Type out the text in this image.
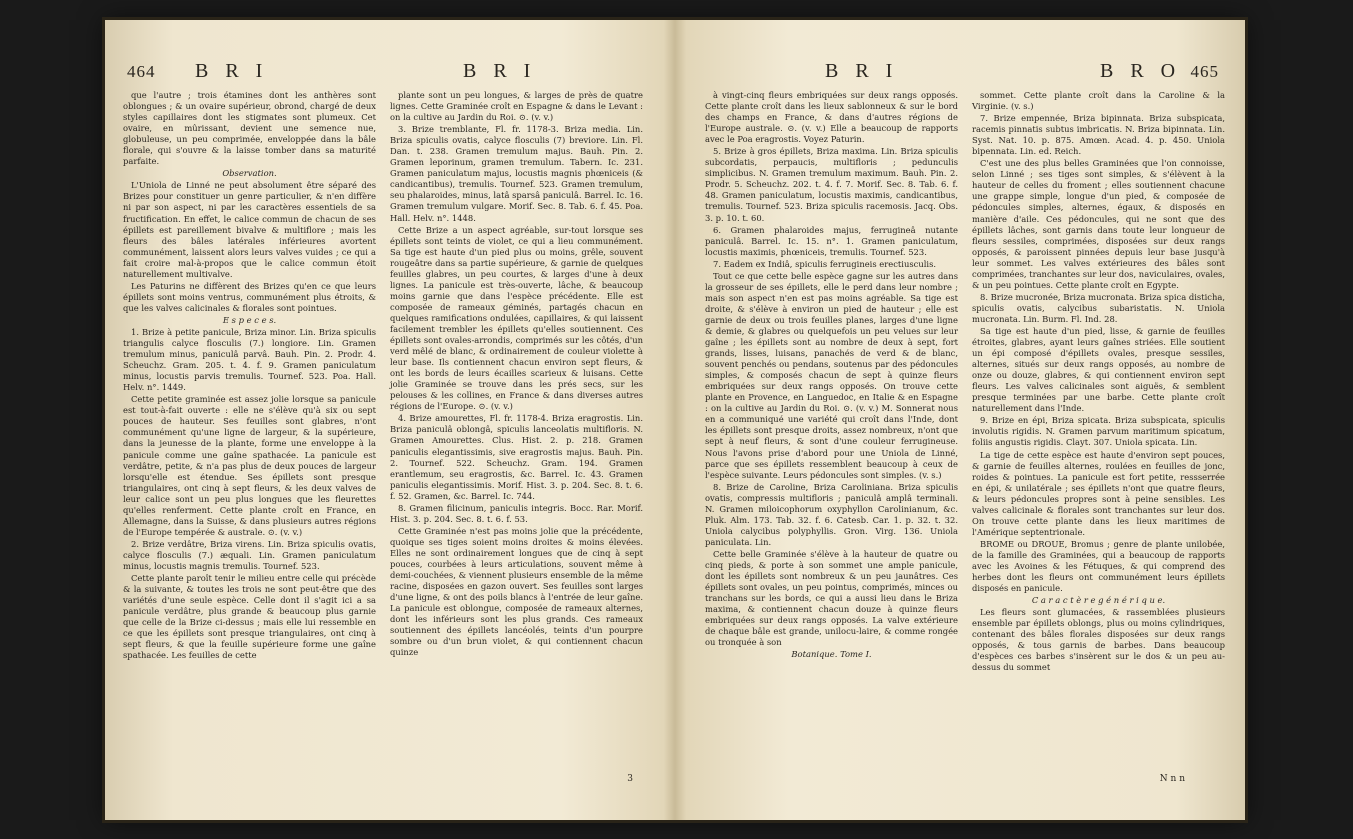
464 B R I	B R I

que l'autre ; trois étamines dont les anthères sont oblongues ; & un ovaire supérieur, obrond, chargé de deux styles capillaires dont les stigmates sont plumeux. Cet ovaire, en mûrissant, devient une semence nue, globuleuse, un peu comprimée, enveloppée dans la bâle florale, qui s'ouvre & la laisse tomber dans sa maturité parfaite.

Observation.

L'Uniola de Linné ne peut absolument être séparé des Brizes pour constituer un genre particulier, & n'en diffère ni par son aspect, ni par les caractères essentiels de sa fructification. En effet, le calice commun de chacun de ses épillets est pareillement bivalve & multiflore ; mais les fleurs des bâles latérales inférieures avortent communément, laissent alors leurs valves vuides ; ce qui a fait croire mal-à-propos que le calice commun étoit naturellement multivalve.

Les Paturins ne diffèrent des Brizes qu'en ce que leurs épillets sont moins ventrus, communément plus étroits, & que les valves calicinales & florales sont pointues.

E s p e c e s.

1. Brize à petite panicule, Briza minor. Lin. Briza spiculis triangulis calyce flosculis (7.) longiore. Lin. Gramen tremulum minus, paniculâ parvâ. Bauh. Pin. 2. Prodr. 4. Scheuchz. Gram. 205. t. 4. f. 9. Gramen paniculatum minus, locustis parvis tremulis. Tournef. 523. Poa. Hall. Helv. n°. 1449.

Cette petite graminée est assez jolie lorsque sa panicule est tout-à-fait ouverte : elle ne s'élève qu'à six ou sept pouces de hauteur. Ses feuilles sont glabres, n'ont communément qu'une ligne de largeur, & la supérieure, dans la jeunesse de la plante, forme une enveloppe à la panicule comme une gaîne spathacée. La panicule est verdâtre, petite, & n'a pas plus de deux pouces de largeur lorsqu'elle est étendue. Ses épillets sont presque triangulaires, ont cinq à sept fleurs, & les deux valves de leur calice sont un peu plus longues que les fleurettes qu'elles renferment. Cette plante croît en France, en Allemagne, dans la Suisse, & dans plusieurs autres régions de l'Europe tempérée & australe. ⊙. (v. v.)

2. Brize verdâtre, Briza virens. Lin. Briza spiculis ovatis, calyce flosculis (7.) æquali. Lin. Gramen paniculatum minus, locustis magnis tremulis. Tournef. 523.

Cette plante paroît tenir le milieu entre celle qui précède & la suivante, & toutes les trois ne sont peut-être que des variétés d'une seule espèce. Celle dont il s'agit ici a sa panicule verdâtre, plus grande & beaucoup plus garnie que celle de la Brize ci-dessus ; mais elle lui ressemble en ce que les épillets sont presque triangulaires, ont cinq à sept fleurs, & que la feuille supérieure forme une gaîne spathacée. Les feuilles de cette

plante sont un peu longues, & larges de près de quatre lignes. Cette Graminée croît en Espagne & dans le Levant : on la cultive au Jardin du Roi. ⊙. (v. v.)

3. Brize tremblante, Fl. fr. 1178-3. Briza media. Lin. Briza spiculis ovatis, calyce flosculis (7) breviore. Lin. Fl. Dan. t. 238. Gramen tremulum majus. Bauh. Pin. 2. Gramen leporinum, gramen tremulum. Tabern. Ic. 231. Gramen paniculatum majus, locustis magnis phœniceis (& candicantibus), tremulis. Tournef. 523. Gramen tremulum, seu phalaroides, minus, latâ sparsâ paniculâ. Barrel. Ic. 16. Gramen tremulum vulgare. Morif. Sec. 8. Tab. 6. f. 45. Poa. Hall. Helv. n°. 1448.

Cette Brize a un aspect agréable, sur-tout lorsque ses épillets sont teints de violet, ce qui a lieu communément. Sa tige est haute d'un pied plus ou moins, grêle, souvent rougeâtre dans sa partie supérieure, & garnie de quelques feuilles glabres, un peu courtes, & larges d'une à deux lignes. La panicule est très-ouverte, lâche, & beaucoup moins garnie que dans l'espèce précédente. Elle est composée de rameaux géminés, partagés chacun en quelques ramifications ondulées, capillaires, & qui laissent facilement trembler les épillets qu'elles soutiennent. Ces épillets sont ovales-arrondis, comprimés sur les côtés, d'un verd mêlé de blanc, & ordinairement de couleur violette à leur base. Ils contiennent chacun environ sept fleurs, & ont les bords de leurs écailles scarieux & luisans. Cette jolie Graminée se trouve dans les prés secs, sur les pelouses & les collines, en France & dans diverses autres régions de l'Europe. ⊙. (v. v.)

4. Brize amourettes, Fl. fr. 1178-4. Briza eragrostis. Lin. Briza paniculâ oblongâ, spiculis lanceolatis multifloris. N. Gramen Amourettes. Clus. Hist. 2. p. 218. Gramen paniculis elegantissimis, sive eragrostis majus. Bauh. Pin. 2. Tournef. 522. Scheuchz. Gram. 194. Gramen erantlemum, seu eragrostis, &c. Barrel. Ic. 43. Gramen paniculis elegantissimis. Morif. Hist. 3. p. 204. Sec. 8. t. 6. f. 52. Gramen, &c. Barrel. Ic. 744.

8. Gramen filicinum, paniculis integris. Bocc. Rar. Morif. Hist. 3. p. 204. Sec. 8. t. 6. f. 53.

Cette Graminée n'est pas moins jolie que la précédente, quoique ses tiges soient moins droites & moins élevées. Elles ne sont ordinairement longues que de cinq à sept pouces, courbées à leurs articulations, souvent même à demi-couchées, & viennent plusieurs ensemble de la même racine, disposées en gazon ouvert. Ses feuilles sont larges d'une ligne, & ont des poils blancs à l'entrée de leur gaîne. La panicule est oblongue, composée de rameaux alternes, dont les inférieurs sont les plus grands. Ces rameaux soutiennent des épillets lancéolés, teints d'un pourpre sombre ou d'un brun violet, & qui contiennent chacun quinze

3
B R I	B R O 465

à vingt-cinq fleurs embriquées sur deux rangs opposés. Cette plante croît dans les lieux sablonneux & sur le bord des champs en France, & dans d'autres régions de l'Europe australe. ⊙. (v. v.) Elle a beaucoup de rapports avec le Poa eragrostis. Voyez Paturin.

5. Brize à gros épillets, Briza maxima. Lin. Briza spiculis subcordatis, perpaucis, multifloris ; pedunculis simplicibus. N. Gramen tremulum maximum. Bauh. Pin. 2. Prodr. 5. Scheuchz. 202. t. 4. f. 7. Morif. Sec. 8. Tab. 6. f. 48. Gramen paniculatum, locustis maximis, candicantibus, tremulis. Tournef. 523. Briza spiculis racemosis. Jacq. Obs. 3. p. 10. t. 60.

6. Gramen phalaroides majus, ferrugineâ nutante paniculâ. Barrel. Ic. 15. n°. 1. Gramen paniculatum, locustis maximis, phœniceis, tremulis. Tournef. 523.

7. Eadem ex Indiâ, spiculis ferrugineis erectiusculis.

Tout ce que cette belle espèce gagne sur les autres dans la grosseur de ses épillets, elle le perd dans leur nombre ; mais son aspect n'en est pas moins agréable. Sa tige est droite, & s'élève à environ un pied de hauteur ; elle est garnie de deux ou trois feuilles planes, larges d'une ligne & demie, & glabres ou quelquefois un peu velues sur leur gaîne ; les épillets sont au nombre de deux à sept, fort grands, lisses, luisans, panachés de verd & de blanc, souvent penchés ou pendans, soutenus par des pédoncules simples, & composés chacun de sept à quinze fleurs embriquées sur deux rangs opposés. On trouve cette plante en Provence, en Languedoc, en Italie & en Espagne : on la cultive au Jardin du Roi. ⊙. (v. v.) M. Sonnerat nous en a communiqué une variété qui croît dans l'Inde, dont les épillets sont presque droits, assez nombreux, n'ont que sept à neuf fleurs, & sont d'une couleur ferrugineuse. Nous l'avons prise d'abord pour une Uniola de Linné, parce que ses épillets ressemblent beaucoup à ceux de l'espèce suivante. Leurs pédoncules sont simples. (v. s.)

8. Brize de Caroline, Briza Caroliniana. Briza spiculis ovatis, compressis multifloris ; paniculâ amplâ terminali. N. Gramen miloicophorum oxyphyllon Carolinianum, &c. Pluk. Alm. 173. Tab. 32. f. 6. Catesb. Car. 1. p. 32. t. 32. Uniola calycibus polyphyllis. Gron. Virg. 136. Uniola paniculata. Lin.

Cette belle Graminée s'élève à la hauteur de quatre ou cinq pieds, & porte à son sommet une ample panicule, dont les épillets sont nombreux & un peu jaunâtres. Ces épillets sont ovales, un peu pointus, comprimés, minces ou tranchans sur les bords, ce qui a aussi lieu dans le Briza maxima, & contiennent chacun douze à quinze fleurs embriquées sur deux rangs opposés. La valve extérieure de chaque bâle est grande, unilocu-laire, & comme rongée ou tronquée à son

Botanique. Tome I.

sommet. Cette plante croît dans la Caroline & la Virginie. (v. s.)

7. Brize empennée, Briza bipinnata. Briza subspicata, racemis pinnatis subtus imbricatis. N. Briza bipinnata. Lin. Syst. Nat. 10. p. 875. Amœn. Acad. 4. p. 450. Uniola bipennata. Lin. ed. Reich.

C'est une des plus belles Graminées que l'on connoisse, selon Linné ; ses tiges sont simples, & s'élèvent à la hauteur de celles du froment ; elles soutiennent chacune une grappe simple, longue d'un pied, & composée de pédoncules simples, alternes, égaux, & disposés en manière d'aile. Ces pédoncules, qui ne sont que des épillets lâches, sont garnis dans toute leur longueur de fleurs sessiles, comprimées, disposées sur deux rangs opposés, & paroissent pinnées depuis leur base jusqu'à leur sommet. Les valves extérieures des bâles sont comprimées, tranchantes sur leur dos, naviculaires, ovales, & un peu pointues. Cette plante croît en Egypte.

8. Brize mucronée, Briza mucronata. Briza spica disticha, spiculis ovatis, calycibus subaristatis. N. Uniola mucronata. Lin. Burm. Fl. Ind. 28.

Sa tige est haute d'un pied, lisse, & garnie de feuilles étroites, glabres, ayant leurs gaînes striées. Elle soutient un épi composé d'épillets ovales, presque sessiles, alternes, situés sur deux rangs opposés, au nombre de onze ou douze, glabres, & qui contiennent environ sept fleurs. Les valves calicinales sont aiguës, & semblent presque terminées par une barbe. Cette plante croît naturellement dans l'Inde.

9. Brize en épi, Briza spicata. Briza subspicata, spiculis involutis rigidis. N. Gramen parvum maritimum spicatum, foliis angustis rigidis. Clayt. 307. Uniola spicata. Lin.

La tige de cette espèce est haute d'environ sept pouces, & garnie de feuilles alternes, roulées en feuilles de jonc, roides & pointues. La panicule est fort petite, ressserrée en épi, & unilatérale ; ses épillets n'ont que quatre fleurs, & leurs pédoncules propres sont à peine sensibles. Les valves calicinale & florales sont tranchantes sur leur dos. On trouve cette plante dans les lieux maritimes de l'Amérique septentrionale.

BROME ou DROUE, Bromus ; genre de plante unilobée, de la famille des Graminées, qui a beaucoup de rapports avec les Avoines & les Fétuques, & qui comprend des herbes dont les fleurs ont communément leurs épillets disposés en panicule.

C a r a c t è r e g é n é r i q u e.

Les fleurs sont glumacées, & rassemblées plusieurs ensemble par épillets oblongs, plus ou moins cylindriques, contenant des bâles florales disposées sur deux rangs opposés, & tous garnis de barbes. Dans beaucoup d'espèces ces barbes s'insèrent sur le dos & un peu au-dessus du sommet

N n n
